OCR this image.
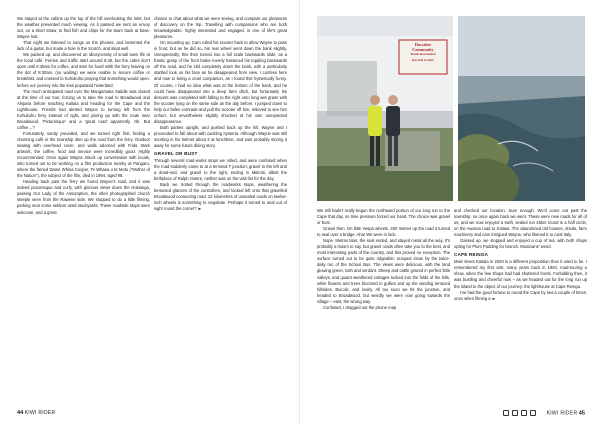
We stayed at the cabins up the top of the hill overlooking the inlet, but the weather prevented much viewing. As it passed we sent an envoy out, on a short straw, to find fish and chips for the team back at base. Wayne lost.

That night we listened to songs on the phones, and lamented the lack of a guitar, but made a hole in the Scotch, and slept well.

We packed up, and discovered an idiosyncrasy of small town life at the local café. Ferries and traffic start around 6:30, but the cafes don't open until 8:30am for coffee, and 9am for food! With the ferry leaving on the dot of 8:30am, (no waiting) we were unable to secure coffee or breakfast, and crossed to Kohukohu praying that something would open, before our journey into the less populated hinterland.

The much anticipated road over the Mangamuka Saddle was closed at the time of our tour, forcing us to take the road to Broadwood and Ahipara before reaching Kaitaia and heading for the Cape and the Lighthouse. Friends had alerted Wayne to turning left from the Kohukohu ferry instead of right, and joining up with the route near Broadwood. 'Picturesque' and a 'great road' apparently. Ok. But coffee…?

Fortunately, sanity prevailed, and we turned right first, finding a charming café in the township 4km up the road from the ferry. Outdoor seating with overhead cover, and walls adorned with Frida Stark artwork, the coffee, food and service were incredibly good. Highly recommended. Once again Wayne struck up conversation with locals, who turned out to be working on a film production nearby at Pangaru, where the famed Dame Whina Cooper, Te Whaea o te Motu ("Mother of the Nation"), the subject of the film, died in 1994, aged 98.

Heading back past the ferry we found Wayne's road, and it was indeed picturesque and curly, with glorious views down the Hokianga, passing Our Lady of the Assumption, the often photographed church steeple seen from the Rawene side. We stopped to do a little filming, parking near some seldom used stockyards. These roadside stops were welcome, and a great

chance to chat about what we were seeing, and compare our pleasures of discovery on the trip. Travelling with companions who are both knowledgeable, highly interested and engaged, is one of life's great pleasures.

On mounting up, Cam rolled his scooter back to allow Wayne to pass in front, but as he did so, his rear wheel went down the bank slightly. Unexpectedly, this then turned into a full scale backwards slide, as a frantic grasp of the front brake merely hastened his toppling backwards off the road, and he slid completely down the bank, with a particularly startled look on his face as he disappeared from view. I confess here and now to being a cruel companion, as I found this hysterically funny. Of course, I had no idea what was at the bottom of the bank, and he could have disappeared into a deep farm ditch, but fortunately his descent was completed with falling to the right onto long wet grass with the scooter lying on the same side as the day before. I jumped down to help our fallen comrade and pull the scooter off him, relieved to see him unhurt, but nevertheless slightly shocked at his own unexpected disappearance.

Both parties upright, and pushed back up the hill, Wayne and I proceeded to fall about with cackling hysteria. Although Wayne was still snorting in his helmet about it at lunchtime, and was probably storing it away for some future dining story.

GRAVEL OR BUST

Through several road-works stops we rolled, and were confused when the road suddenly came to at a terminal T junction; gravel to the left and a dead-end, and gravel to the right, ending in Mitimiti, albeit the birthplace of Ralph Hotere, neither was on the visit-list for the day.

Back we trotted through the roadworks stops, weathering the bemused glances of the controllers, and looked left onto that gravelled Broadwood connecting road. 22 kilometres of unsealed roads on twelve-inch wheels is something to negotiate. Perhaps it turned to seal out of sight round the corner? ►

44 KIWI RIDER
Hawahee
Community
Youth Recreation
Revival Centre

We still hadn't really begun the northward portion of our long run to the Cape that day, so time pressure forced our hand. The choice was gravel or bust.

Gravel then. On little Vespa wheels. 400 metres up the road it turned to seal over a bridge. Aha! We were in luck.

Nope. Metres later, the seal ended, and stayed metal all the way. It's probably a truism to say, but gravel roads often take you to the best, and most interesting parts of the country, and this proved no exception. The surface turned out to be quite ridgeable; scraped clean by the twice-daily run of the School Bus. The views were delicious, with the land glowing green, lush and verdant. Sheep and cattle grazed in perfect little valleys, and quaint weathered cottages tucked into the folds of the hills, while flowers and trees bloomed in gullies and up the winding terraced hillsides. Bucolic, and lovely. All too soon we hit the junction, and headed to Broadwood, but weirdly we were now going towards the village – east, the wrong way.

Confused, I dragged out the phone map

and checked our location. Sure enough. We'd come out past the township, so once again back we went. These were new roads for all of us, and we now enjoyed a swift, sealed run 45km round in a half circle, on the Awaroa road to Kaitaia. The abandoned old houses, sheds, farm machinery and cars intrigued Wayne, who likened it to rural Italy.

Gassed up, we stopped and enjoyed a cup of tea, with both chaps opting for Plum Pudding for brunch. Musicians' weird.

CAPE REINGA

Main street Kaitaia in 2020 is a different proposition than it used to be. I remembered my first visit, many years back in 1983, road-touring a show, when the few shops had had shuttered fronts. Forbidding then, it was bustling and cheerful now – as we headed out for the long run up the island to the object of our journey: the lighthouse at Cape Reinga.

I've had the good fortune to round the Cape by sea a couple of times; once when filming a ►

KIWI RIDER 45
